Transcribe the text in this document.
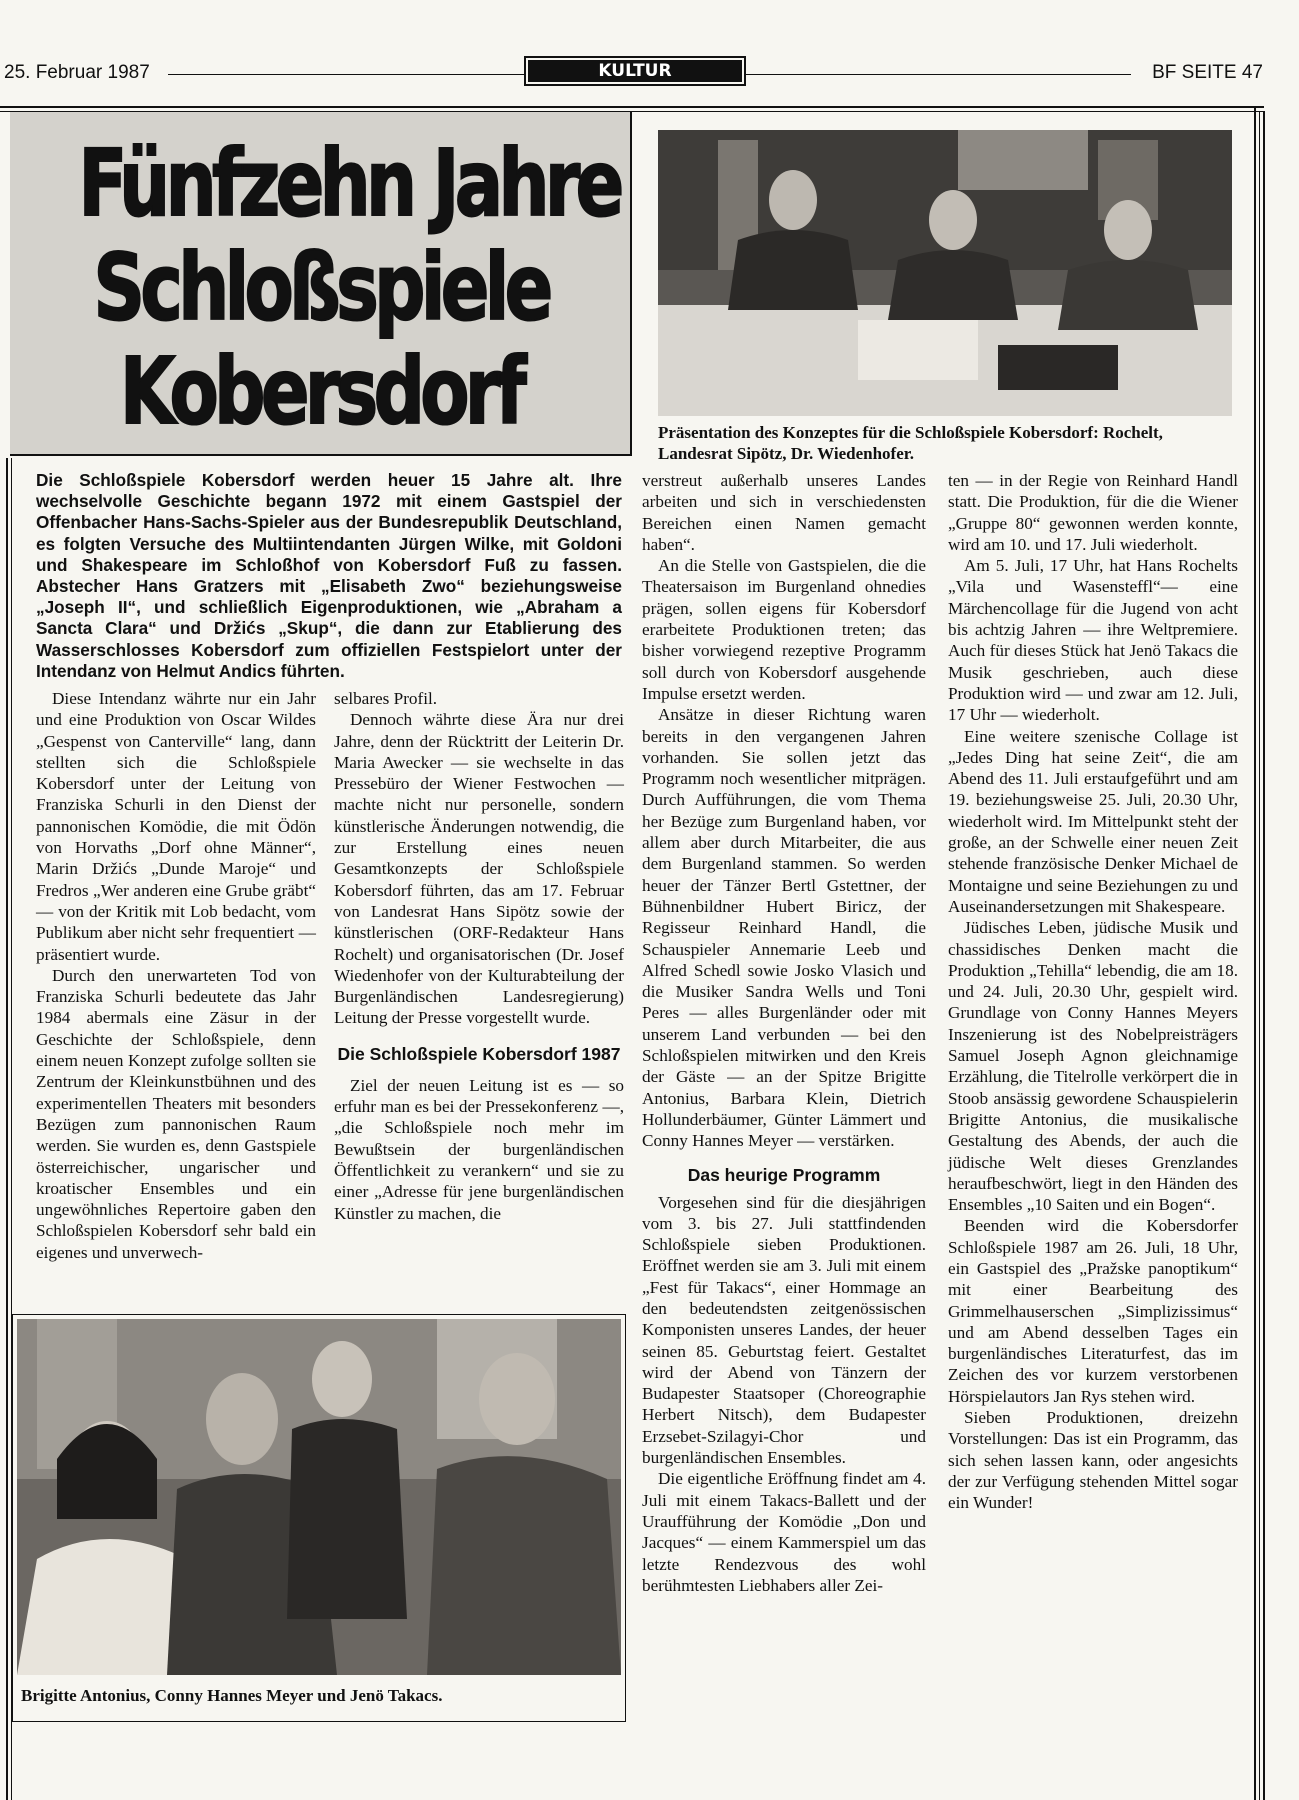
25. Februar 1987	KULTUR	BF SEITE 47
Fünfzehn Jahre
Schloßspiele
Kobersdorf	Präsentation des Konzeptes für die Schloßspiele Kobersdorf: Rochelt, Landesrat Sipötz, Dr. Wiedenhofer.
Die Schloßspiele Kobersdorf werden heuer 15 Jahre alt. Ihre wechselvolle Geschichte begann 1972 mit einem Gastspiel der Offenbacher Hans-Sachs-Spieler aus der Bundesrepublik Deutschland, es folgten Versuche des Multiintendanten Jürgen Wilke, mit Goldoni und Shakespeare im Schloßhof von Kobersdorf Fuß zu fassen. Abstecher Hans Gratzers mit „Elisabeth Zwo“ beziehungsweise „Joseph II“, und schließlich Eigenproduktionen, wie „Abraham a Sancta Clara“ und Držićs „Skup“, die dann zur Etablierung des Wasserschlosses Kobersdorf zum offiziellen Festspielort unter der Intendanz von Helmut Andics führten.

Diese Intendanz währte nur ein Jahr und eine Produktion von Oscar Wildes „Gespenst von Canterville“ lang, dann stellten sich die Schloßspiele Kobersdorf unter der Leitung von Franziska Schurli in den Dienst der pannonischen Komödie, die mit Ödön von Horvaths „Dorf ohne Männer“, Marin Držićs „Dunde Maroje“ und Fredros „Wer anderen eine Grube gräbt“ — von der Kritik mit Lob bedacht, vom Publikum aber nicht sehr frequentiert — präsentiert wurde.

Durch den unerwarteten Tod von Franziska Schurli bedeutete das Jahr 1984 abermals eine Zäsur in der Geschichte der Schloßspiele, denn einem neuen Konzept zufolge sollten sie Zentrum der Kleinkunstbühnen und des experimentellen Theaters mit besonders Bezügen zum pannonischen Raum werden. Sie wurden es, denn Gastspiele österreichischer, ungarischer und kroatischer Ensembles und ein ungewöhnliches Repertoire gaben den Schloßspielen Kobersdorf sehr bald ein eigenes und unverwech-

selbares Profil.

Dennoch währte diese Ära nur drei Jahre, denn der Rücktritt der Leiterin Dr. Maria Awecker — sie wechselte in das Pressebüro der Wiener Festwochen — machte nicht nur personelle, sondern künstlerische Änderungen notwendig, die zur Erstellung eines neuen Gesamtkonzepts der Schloßspiele Kobersdorf führten, das am 17. Februar von Landesrat Hans Sipötz sowie der künstlerischen (ORF-Redakteur Hans Rochelt) und organisatorischen (Dr. Josef Wiedenhofer von der Kulturabteilung der Burgenländischen Landesregierung) Leitung der Presse vorgestellt wurde.

Die Schloßspiele Kobersdorf 1987

Ziel der neuen Leitung ist es — so erfuhr man es bei der Pressekonferenz —, „die Schloßspiele noch mehr im Bewußtsein der burgenländischen Öffentlichkeit zu verankern“ und sie zu einer „Adresse für jene burgenländischen Künstler zu machen, die

verstreut außerhalb unseres Landes arbeiten und sich in verschiedensten Bereichen einen Namen gemacht haben“.

An die Stelle von Gastspielen, die die Theatersaison im Burgenland ohnedies prägen, sollen eigens für Kobersdorf erarbeitete Produktionen treten; das bisher vorwiegend rezeptive Programm soll durch von Kobersdorf ausgehende Impulse ersetzt werden.

Ansätze in dieser Richtung waren bereits in den vergangenen Jahren vorhanden. Sie sollen jetzt das Programm noch wesentlicher mitprägen. Durch Aufführungen, die vom Thema her Bezüge zum Burgenland haben, vor allem aber durch Mitarbeiter, die aus dem Burgenland stammen. So werden heuer der Tänzer Bertl Gstettner, der Bühnenbildner Hubert Biricz, der Regisseur Reinhard Handl, die Schauspieler Annemarie Leeb und Alfred Schedl sowie Josko Vlasich und die Musiker Sandra Wells und Toni Peres — alles Burgenländer oder mit unserem Land verbunden — bei den Schloßspielen mitwirken und den Kreis der Gäste — an der Spitze Brigitte Antonius, Barbara Klein, Dietrich Hollunderbäumer, Günter Lämmert und Conny Hannes Meyer — verstärken.

Das heurige Programm

Vorgesehen sind für die diesjährigen vom 3. bis 27. Juli stattfindenden Schloßspiele sieben Produktionen. Eröffnet werden sie am 3. Juli mit einem „Fest für Takacs“, einer Hommage an den bedeutendsten zeitgenössischen Komponisten unseres Landes, der heuer seinen 85. Geburtstag feiert. Gestaltet wird der Abend von Tänzern der Budapester Staatsoper (Choreographie Herbert Nitsch), dem Budapester Erzsebet-Szilagyi-Chor und burgenländischen Ensembles.

Die eigentliche Eröffnung findet am 4. Juli mit einem Takacs-Ballett und der Uraufführung der Komödie „Don und Jacques“ — einem Kammerspiel um das letzte Rendezvous des wohl berühmtesten Liebhabers aller Zei-

ten — in der Regie von Reinhard Handl statt. Die Produktion, für die die Wiener „Gruppe 80“ gewonnen werden konnte, wird am 10. und 17. Juli wiederholt.

Am 5. Juli, 17 Uhr, hat Hans Rochelts „Vila und Wasensteffl“— eine Märchencollage für die Jugend von acht bis achtzig Jahren — ihre Weltpremiere. Auch für dieses Stück hat Jenö Takacs die Musik geschrieben, auch diese Produktion wird — und zwar am 12. Juli, 17 Uhr — wiederholt.

Eine weitere szenische Collage ist „Jedes Ding hat seine Zeit“, die am Abend des 11. Juli erstaufgeführt und am 19. beziehungsweise 25. Juli, 20.30 Uhr, wiederholt wird. Im Mittelpunkt steht der große, an der Schwelle einer neuen Zeit stehende französische Denker Michael de Montaigne und seine Beziehungen zu und Auseinandersetzungen mit Shakespeare.

Jüdisches Leben, jüdische Musik und chassidisches Denken macht die Produktion „Tehilla“ lebendig, die am 18. und 24. Juli, 20.30 Uhr, gespielt wird. Grundlage von Conny Hannes Meyers Inszenierung ist des Nobelpreisträgers Samuel Joseph Agnon gleichnamige Erzählung, die Titelrolle verkörpert die in Stoob ansässig gewordene Schauspielerin Brigitte Antonius, die musikalische Gestaltung des Abends, der auch die jüdische Welt dieses Grenzlandes heraufbeschwört, liegt in den Händen des Ensembles „10 Saiten und ein Bogen“.

Beenden wird die Kobersdorfer Schloßspiele 1987 am 26. Juli, 18 Uhr, ein Gastspiel des „Pražske panoptikum“ mit einer Bearbeitung des Grimmelhauserschen „Simplizissimus“ und am Abend desselben Tages ein burgenländisches Literaturfest, das im Zeichen des vor kurzem verstorbenen Hörspielautors Jan Rys stehen wird.

Sieben Produktionen, dreizehn Vorstellungen: Das ist ein Programm, das sich sehen lassen kann, oder angesichts der zur Verfügung stehenden Mittel sogar ein Wunder!

Brigitte Antonius, Conny Hannes Meyer und Jenö Takacs.
